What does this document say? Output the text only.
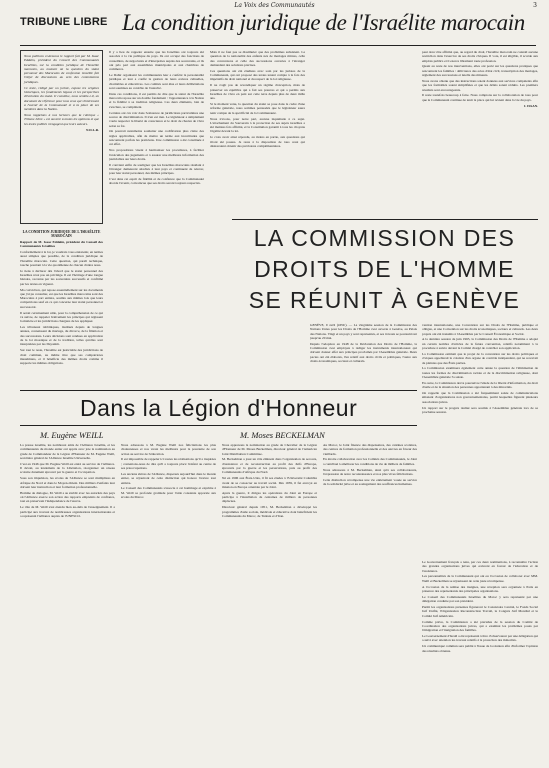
La Voix des Communautés	3
TRIBUNE LIBRE La condition juridique de l'Israélite marocain

Nous publions ci-dessous le rapport fait par M. Isaac Eddaïm, président du Conseil des Communautés Israélites, sur la condition juridique de l'Israélite marocain, au moment où la question du statut personnel des Marocains de confession israélite fait l'objet de discussions au sein des commissions juridiques.

Ce texte, rédigé par un juriste, expose les origines historiques, les fondements légaux et les perspectives d'évolution du statut. Il constitue, nous semble-t-il, un document de référence pour tous ceux qui s'intéressent à l'avenir de la Communauté et à la place de ses membres dans la Nation.

Nous rappelons à nos lecteurs que la rubrique « Tribune Libre » est ouverte à toutes les opinions et que les textes publiés n'engagent que leurs auteurs.

N.D.L.R.
LA CONDITION JURIDIQUE DE L'ISRAÉLITE MAROCAIN

Rapport de M. Isaac Eddaïm, président du Conseil des Communautés Israélites

Conformément à la loi, je voudrais vous entretenir, en termes aussi simples que possible, de la condition juridique de l'Israélite marocain. Cette question, qui paraît technique, touche pourtant à la vie quotidienne de chacun d'entre nous.

Je tiens à déclarer dès l'abord que le statut personnel des Israélites n'est pas un privilège. Il est l'héritage d'une longue histoire, reconnu par les souverains successifs et confirmé par les textes en vigueur.

Ma conviction, qui repose essentiellement sur les documents que j'ai pu consulter, est que les Israélites marocains sont des Marocains à part entière, soumis aux mêmes lois que leurs compatriotes sauf en ce qui concerne leur statut personnel et successoral.

Il serait certainement utile, pour la compréhension de ce qui va suivre, de rappeler brièvement les principes qui régissent la matière et les juridictions chargées de les appliquer.

Les tribunaux rabbiniques, institués depuis de longues années, connaissent du mariage, du divorce, de la filiation et des successions. Leurs décisions sont rendues en application de la loi mosaïque et de la tradition, telles qu'elles sont interprétées par les Dayanim.

Sur tout le reste, l'Israélite est justiciable des juridictions de droit commun, au même titre que ses compatriotes musulmans, et il bénéficie des mêmes droits comme il supporte les mêmes obligations.

Il y a lieu de rappeler ensuite que les Israélites ont toujours été associés à la vie publique du pays. Ils ont occupé des fonctions de conseillers, de négociants et d'interprètes auprès des souverains, et ils ont pris part aux assemblées municipales et aux chambres de commerce.

Le Dahir organisant les communautés leur a conféré la personnalité juridique et leur a confié la gestion de leurs œuvres cultuelles, charitables et éducatives. Les comités sont élus et leurs délibérations sont soumises au contrôle de l'autorité.

Dans ces conditions, il est permis de dire que le statut de l'Israélite marocain repose sur un double fondement : l'appartenance à la Nation et la fidélité à sa tradition religieuse. Ces deux éléments, loin de s'exclure, se complètent.

Certains ont cru voir dans l'existence de juridictions particulières une source de discrimination. Il n'en est rien. Le législateur a simplement voulu respecter la liberté de conscience et le droit de chacun de vivre selon sa foi.

On pourrait néanmoins souhaiter une codification plus claire des règles applicables, afin de mettre un terme aux incertitudes que rencontrent parfois les praticiens. Une commission a été constituée à cet effet.

Nos propositions visent à harmoniser les procédures, à faciliter l'exécution des jugements et à assurer une meilleure information des justiciables sur leurs droits.

Il convient enfin de souligner que les Israélites marocains résidant à l'étranger demeurent attachés à leur pays et continuent de relever, pour leur statut personnel, des mêmes principes.

C'est dans cet esprit de fidélité et de confiance que la Communauté aborde l'avenir, convaincue que ses droits seront toujours respectés.

Mais il ne faut pas se dissimuler que des problèmes subsistent. La question de la nationalité des enfants nés de mariages mixtes, celle des conversions et celle des successions ouvertes à l'étranger demandent des solutions précises.

Ces questions ont été étudiées avec soin par les juristes de la Communauté, qui ont proposé des textes tenant compte à la fois des impératifs du droit national et du respect de la loi religieuse.

Il ne s'agit pas de revendiquer un régime d'exception, mais de préserver un équilibre qui a fait ses preuves et qui a permis aux Israélites de vivre en paix sur cette terre depuis plus de deux mille ans.

Si le moment venu, la question du statut se pose dans le cadre d'une réforme générale, nous sommes persuadés que le législateur saura tenir compte de la spécificité de la Communauté.

Nous n'avons, pour notre part, aucune inquiétude à ce sujet. L'attachement du Souverain à la protection de ses sujets israélites a été maintes fois affirmé, et la Constitution garantit à tous les citoyens l'égalité devant la loi.

Je crois avoir ainsi répondu, au moins en partie, aux questions qui m'ont été posées. Je reste à la disposition de tous ceux qui désireraient obtenir des précisions complémentaires.

peut donc être affirmé que, au regard du droit, l'Israélite marocain ne connaît aucune restriction dans l'exercice de ses droits civiques. Il vote, il est éligible, il accède aux emplois publics et il exerce librement toute profession.

Quant au reste de nos interventions, elles ont porté sur les questions pratiques que rencontrent les familles : délivrance des actes d'état civil, transcription des mariages, règlement des successions et tutelle des mineurs.

Nous avons obtenu que des instructions soient données aux services compétents afin que les formalités soient simplifiées et que les délais soient réduits. Les premiers résultats sont encourageants.

Il reste toutefois beaucoup à faire. Nous comptons sur la collaboration de tous pour que la Communauté continue de tenir la place qui lui revient dans la vie du pays.

I. ISSAN.
LA COMMISSION DES
DROITS DE L'HOMME
SE RÉUNIT À GENÈVE

GENÈVE, 9 avril (ONU). — La vingtième session de la Commission des Nations Unies pour les Droits de l'Homme s'est ouverte à Genève, au Palais des Nations. Vingt et un pays y sont représentés, et ses travaux se poursuivront jusqu'au 20 mai.

Depuis l'adoption en 1948 de la Déclaration des Droits de l'Homme, la Commission s'est employée à rédiger les instruments internationaux qui doivent donner effet aux principes proclamés par l'Assemblée générale. Deux pactes ont été élaborés, l'un relatif aux droits civils et politiques, l'autre aux droits économiques, sociaux et culturels.

vention internationale, une Convention sur les Droits de l'Homme, publique et obligée, et une Convention sur les droits économiques, sociaux et culturels. Les deux projets ont été transmis à l'Assemblée par le Conseil Économique et Social.

A la dernière session de juin 1963, la Commission des Droits de l'Homme a adopté un certain nombre d'articles de la future convention, relatifs notamment à la procédure à suivre devant le Comité chargé de contrôler son application.

La Commission estimait que le projet de la convention sur les droits politiques et civiques appellerait la création d'un organe de contrôle indépendant, qui ne recevrait de plaintes que des États parties.

La Commission examinera également cette année la question de l'élimination de toutes les formes de discrimination raciale et de la discrimination religieuse, dont l'Assemblée générale l'a saisie.

En outre, la Commission devra poursuivre l'étude de la liberté d'information, du droit d'asile et de la situation des personnes appartenant à des minorités.

On rappelle que la Commission a été fréquemment saisie de communications émanant d'organisations non gouvernementales, parmi lesquelles figurent plusieurs associations juives.

Un rapport sur le progrès réalisé sera soumis à l'Assemblée générale lors de sa prochaine session.

Dans la Légion d'Honneur
M. Eugène WEILL	M. Moses BECKELMAN

La presse israélite, les nombreux amis de l'Alliance Israélite, et les communautés du monde entier ont appris avec joie la nomination au grade de Commandeur de la Légion d'Honneur de M. Eugène Weill, secrétaire général de l'Alliance Israélite Universelle.

C'est en 1946 que M. Eugène Weill est entré au service de l'Alliance. Il devait, au lendemain de la Libération, réorganiser un réseau scolaire durement éprouvé par la guerre et l'occupation.

Sous son impulsion, les écoles de l'Alliance se sont multipliées en Afrique du Nord et dans le Moyen-Orient. Des milliers d'enfants leur doivent leur instruction et leur formation professionnelle.

Homme de dialogue, M. Weill a su établir avec les autorités des pays où l'Alliance exerce son action des rapports empreints de confiance, tout en préservant l'indépendance de l'œuvre.

Le rôle de M. Weill s'est étendu bien au-delà de l'enseignement. Il a participé aux travaux de nombreuses organisations internationales et a représenté l'Alliance auprès de l'UNESCO.

Nous adressons à M. Eugène Weill nos félicitations les plus chaleureuses et nos vœux les meilleurs pour la poursuite de son action au service de l'éducation.

Il est impossible de rappeler ici toutes les réalisations qu'il a inspirées ; contentons-nous de dire qu'il a toujours placé l'enfant au centre de ses préoccupations.

Les anciens élèves de l'Alliance, dispersés aujourd'hui dans le monde entier, se réjouiront de cette distinction qui honore l'œuvre tout entière.

Le Conseil des Communautés s'associe à cet hommage et exprime à M. Weill sa profonde gratitude pour l'aide constante apportée aux écoles du Maroc.

Nous apprenons la nomination au grade de Chevalier de la Légion d'Honneur de M. Moses Beckelman, directeur général de l'American Joint Distribution Committee.

M. Beckelman a joué un rôle éminent dans l'organisation de secours, d'assistance et de reconstruction au profit des Juifs d'Europe, éprouvés par la guerre et les persécutions, puis au profit des Communautés d'Afrique du Nord.

Né en 1906 aux États-Unis, il fit ses études à l'Université Columbia avant de se consacrer au travail social. Dès 1939, il fut envoyé en mission en Europe orientale par le Joint.

Après la guerre, il dirigea les opérations du Joint en Europe et participa à l'installation de centaines de milliers de personnes déplacées.

Directeur général depuis 1951, M. Beckelman a développé les programmes d'aide sociale, médicale et éducative dont bénéficient les Communautés du Maroc, de Tunisie et d'Iran.

Au Maroc, le Joint finance des dispensaires, des cantines scolaires, des centres de formation professionnelle et des œuvres en faveur des vieillards.

En étroite collaboration avec les Comités des Communautés, le Joint a contribué à améliorer les conditions de vie de milliers de familles.

Nous adressons à M. Beckelman, ainsi qu'à ses collaborateurs, l'expression de notre reconnaissance et nos plus vives félicitations.

Cette distinction récompense une vie entièrement vouée au service de la solidarité juive et au soulagement des souffrances humaines.

Le Gouvernement français a tenu, par ces deux nominations, à reconnaître l'action des grandes organisations juives qui œuvrent en faveur de l'éducation et de l'assistance.

Les personnalités de la Communauté qui ont eu l'occasion de collaborer avec MM. Weill et Beckelman se réjouissent de cette juste récompense.

A l'occasion de la remise des insignes, une réception sera organisée à Paris en présence des représentants des principales organisations.

Le Conseil des Communautés Israélites du Maroc y sera représenté par une délégation conduite par son président.

Parmi les organisations présentes figureront le Consistoire Central, le Fonds Social Juif Unifié, l'Organisation Reconstruction Travail, le Congrès Juif Mondial et le Comité Juif Américain.

Comme prévu, la Commission a été précédée de la session du Comité de Coordination des organisations juives, qui a examiné les problèmes posés par l'émigration et l'intégration des familles.

Le Gouvernement d'Israël a été représenté à titre d'observateur par une délégation qui a suivi avec attention les travaux relatifs à la protection des minorités.

Un communiqué commun sera publié à l'issue de la réunion afin d'informer l'opinion des résultats obtenus.
